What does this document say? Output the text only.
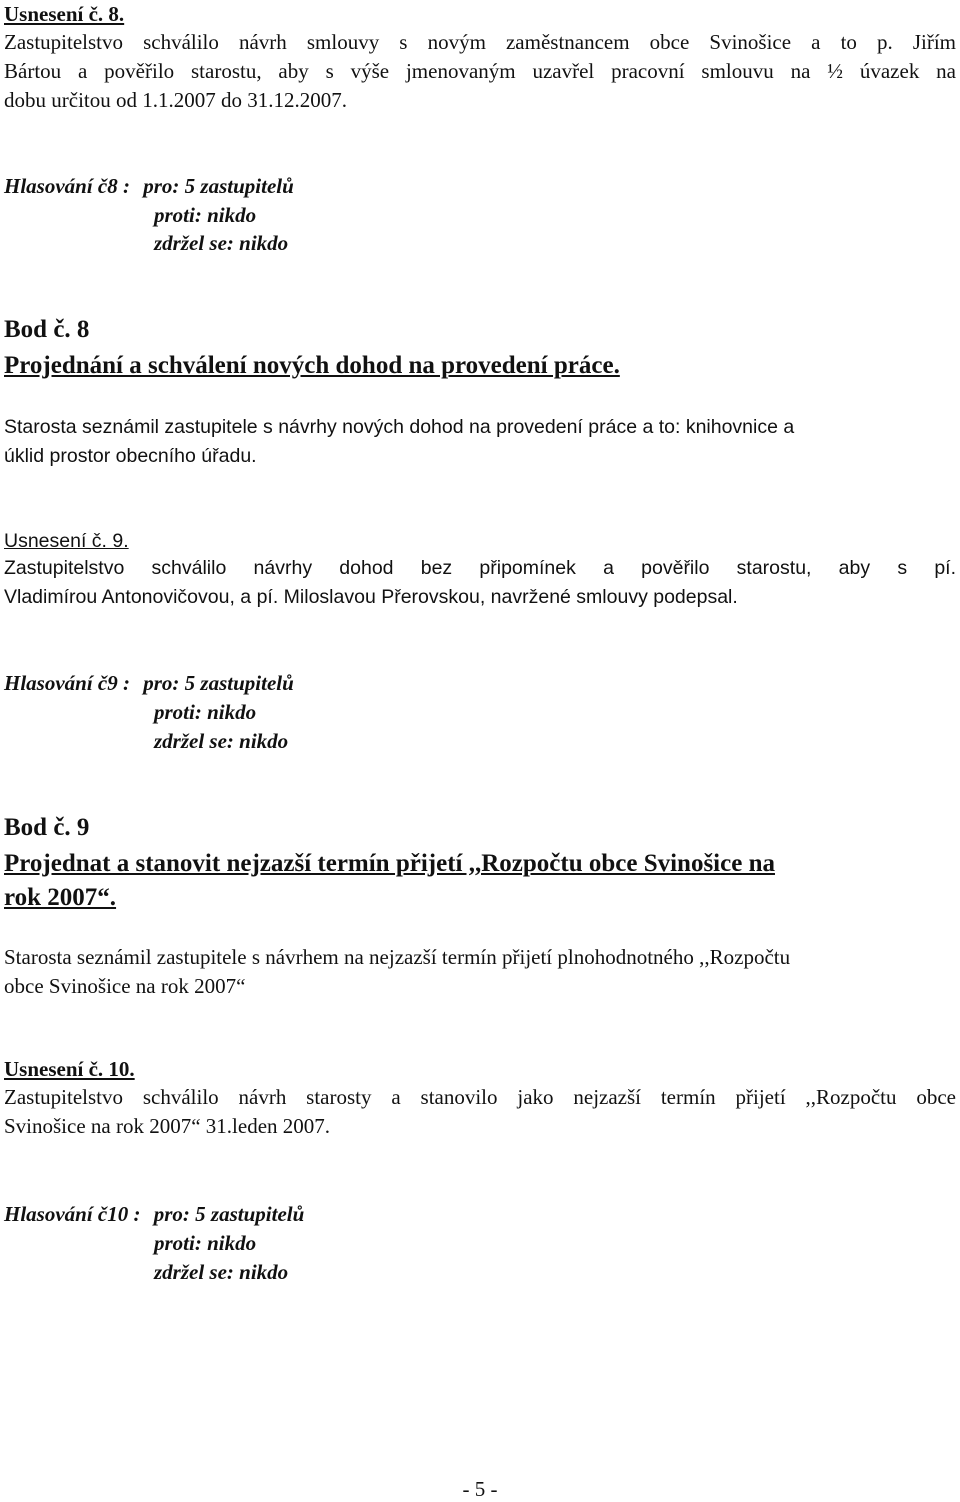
Usnesení č. 8.
Zastupitelstvo schválilo návrh smlouvy s novým zaměstnancem obce Svinošice a to p. Jiřím
Bártou a pověřilo starostu, aby s výše jmenovaným uzavřel pracovní smlouvu na ½ úvazek na
dobu určitou od 1.1.2007 do 31.12.2007.
Hlasování č8 : pro: 5 zastupitelů
proti: nikdo
zdržel se: nikdo
Bod č. 8
Projednání a schválení nových dohod na provedení práce.
Starosta seznámil zastupitele s návrhy nových dohod na provedení práce a to: knihovnice a
úklid prostor obecního úřadu.
Usnesení č. 9.
Zastupitelstvo schválilo návrhy dohod bez připomínek a pověřilo starostu, aby s pí.
Vladimírou Antonovičovou, a pí. Miloslavou Přerovskou, navržené smlouvy podepsal.
Hlasování č9 : pro: 5 zastupitelů
proti: nikdo
zdržel se: nikdo
Bod č. 9
Projednat a stanovit nejzazší termín přijetí ,,Rozpočtu obce Svinošice na
rok 2007“.
Starosta seznámil zastupitele s návrhem na nejzazší termín přijetí plnohodnotného ,,Rozpočtu
obce Svinošice na rok 2007“
Usnesení č. 10.
Zastupitelstvo schválilo návrh starosty a stanovilo jako nejzazší termín přijetí ,,Rozpočtu obce
Svinošice na rok 2007“ 31.leden 2007.
Hlasování č10 : pro: 5 zastupitelů
proti: nikdo
zdržel se: nikdo
- 5 -
